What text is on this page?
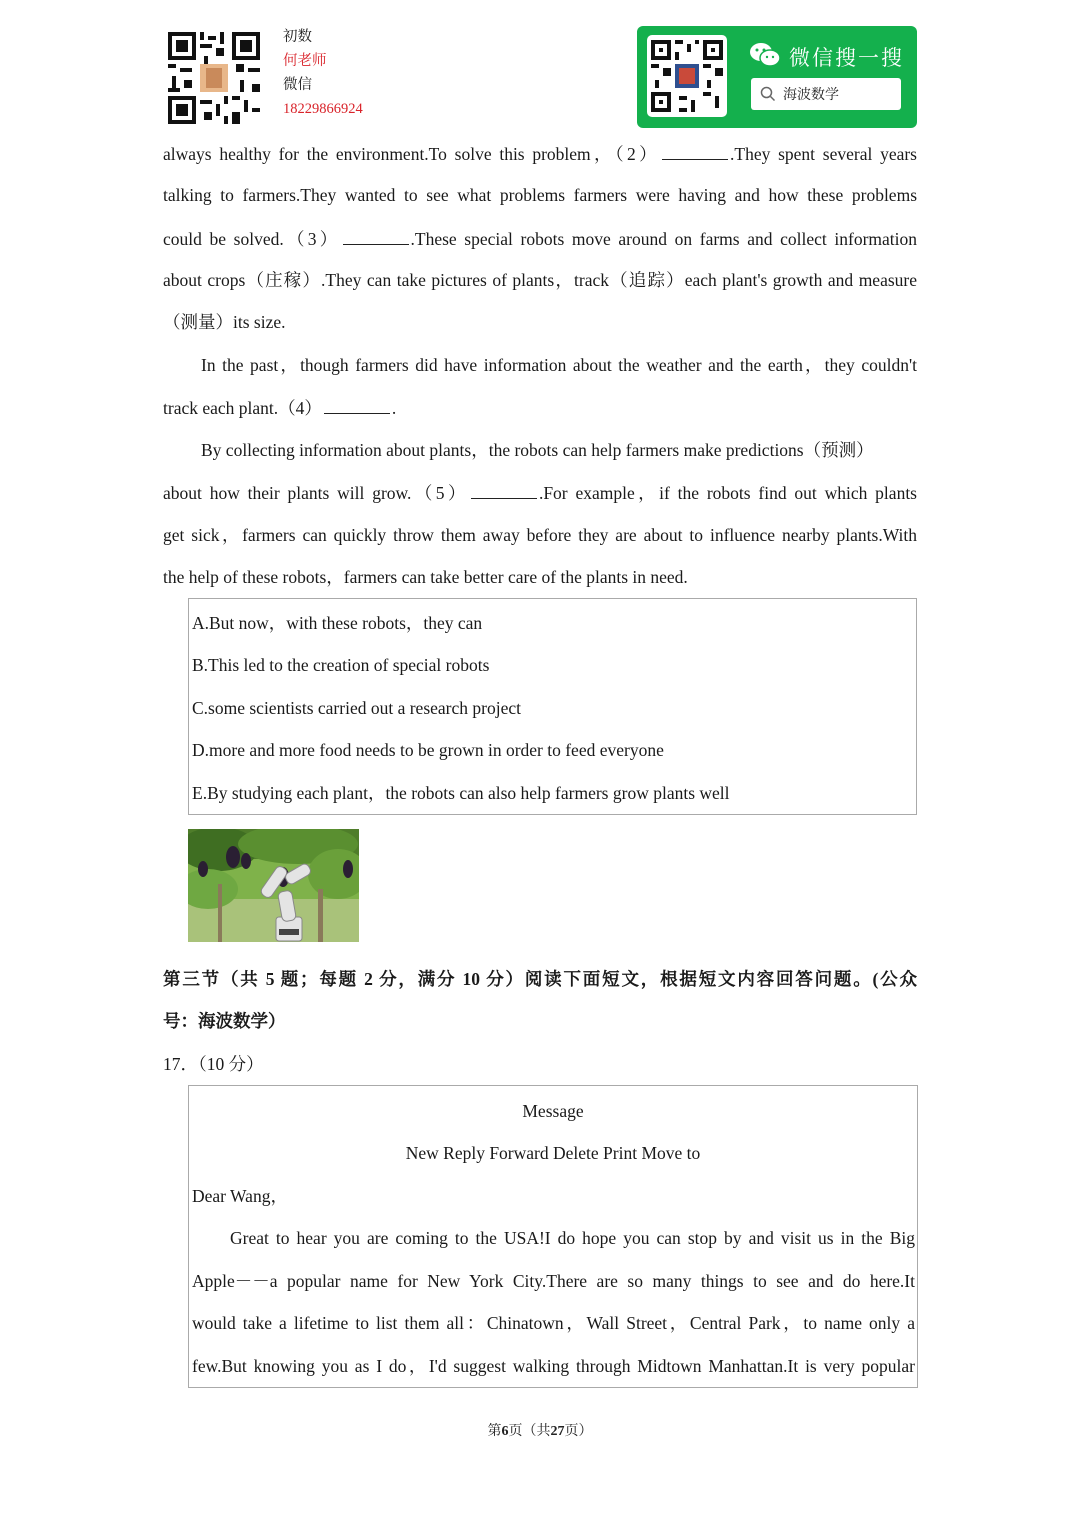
初数
何老师
微信
18229866924
微信搜一搜
海波数学
always healthy for the environment.To solve this problem，（2）	.They spent several years
talking to farmers.They wanted to see what problems farmers were having and how these problems
could be solved.（3）	.These special robots move around on farms and collect information
about crops（庄稼）.They can take pictures of plants，track（追踪）each plant's growth and measure
（测量）its size.
In the past，though farmers did have information about the weather and the earth，they couldn't
track each plant.（4）	.
By collecting information about plants，the robots can help farmers make predictions（预测）
about how their plants will grow.（5）	.For example，if the robots find out which plants
get sick，farmers can quickly throw them away before they are about to influence nearby plants.With
the help of these robots，farmers can take better care of the plants in need.
A.But now，with these robots，they can
B.This led to the creation of special robots
C.some scientists carried out a research project
D.more and more food needs to be grown in order to feed everyone
E.By studying each plant，the robots can also help farmers grow plants well
第三节（共 5 题；每题 2 分，满分 10 分）阅读下面短文，根据短文内容回答问题。(公众
号：海波数学）
17．（10 分）
Message
New Reply Forward Delete Print Move to
Dear Wang，
Great to hear you are coming to the USA!I do hope you can stop by and visit us in the Big
Apple－－a popular name for New York City.There are so many things to see and do here.It
would take a lifetime to list them all：Chinatown，Wall Street，Central Park，to name only a
few.But knowing you as I do，I'd suggest walking through Midtown Manhattan.It is very popular
第6页（共27页）
